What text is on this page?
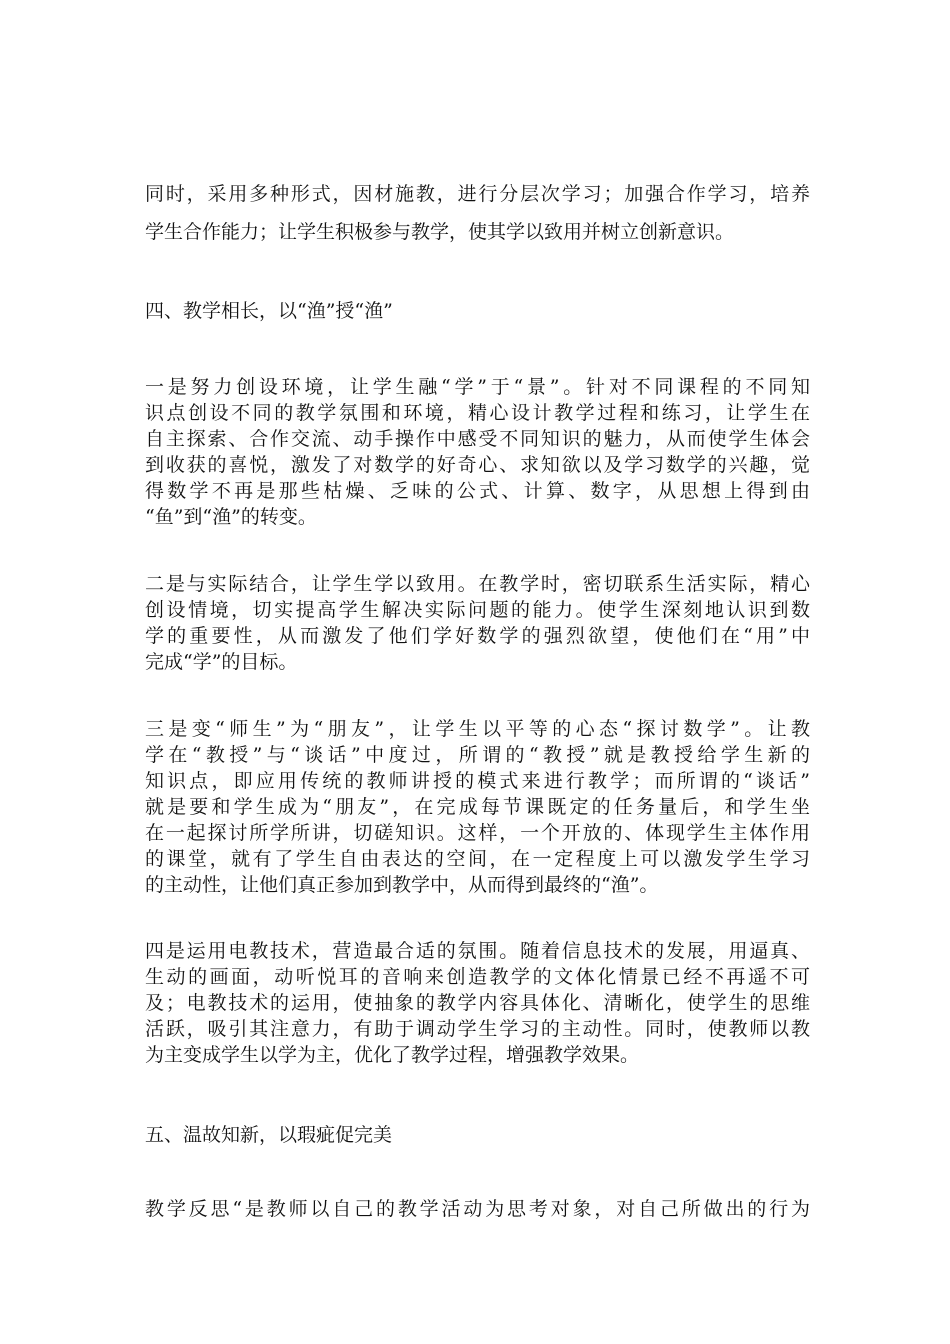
同时，采用多种形式，因材施教，进行分层次学习；加强合作学习，培养
学生合作能力；让学生积极参与教学，使其学以致用并树立创新意识。
四、教学相长，以“渔”授“渔”
一是努力创设环境，让学生融“学”于“景”。针对不同课程的不同知
识点创设不同的教学氛围和环境，精心设计教学过程和练习，让学生在
自主探索、合作交流、动手操作中感受不同知识的魅力，从而使学生体会
到收获的喜悦，激发了对数学的好奇心、求知欲以及学习数学的兴趣，觉
得数学不再是那些枯燥、乏味的公式、计算、数字，从思想上得到由
“鱼”到“渔”的转变。
二是与实际结合，让学生学以致用。在教学时，密切联系生活实际，精心
创设情境，切实提高学生解决实际问题的能力。使学生深刻地认识到数
学的重要性，从而激发了他们学好数学的强烈欲望，使他们在“用”中
完成“学”的目标。
三是变“师生”为“朋友”，让学生以平等的心态“探讨数学”。让教
学在“教授”与“谈话”中度过，所谓的“教授”就是教授给学生新的
知识点，即应用传统的教师讲授的模式来进行教学；而所谓的“谈话”
就是要和学生成为“朋友”，在完成每节课既定的任务量后，和学生坐
在一起探讨所学所讲，切磋知识。这样，一个开放的、体现学生主体作用
的课堂，就有了学生自由表达的空间，在一定程度上可以激发学生学习
的主动性，让他们真正参加到教学中，从而得到最终的“渔”。
四是运用电教技术，营造最合适的氛围。随着信息技术的发展，用逼真、
生动的画面，动听悦耳的音响来创造教学的文体化情景已经不再遥不可
及；电教技术的运用，使抽象的教学内容具体化、清晰化，使学生的思维
活跃，吸引其注意力，有助于调动学生学习的主动性。同时，使教师以教
为主变成学生以学为主，优化了教学过程，增强教学效果。
五、温故知新，以瑕疵促完美
教学反思“是教师以自己的教学活动为思考对象，对自己所做出的行为
